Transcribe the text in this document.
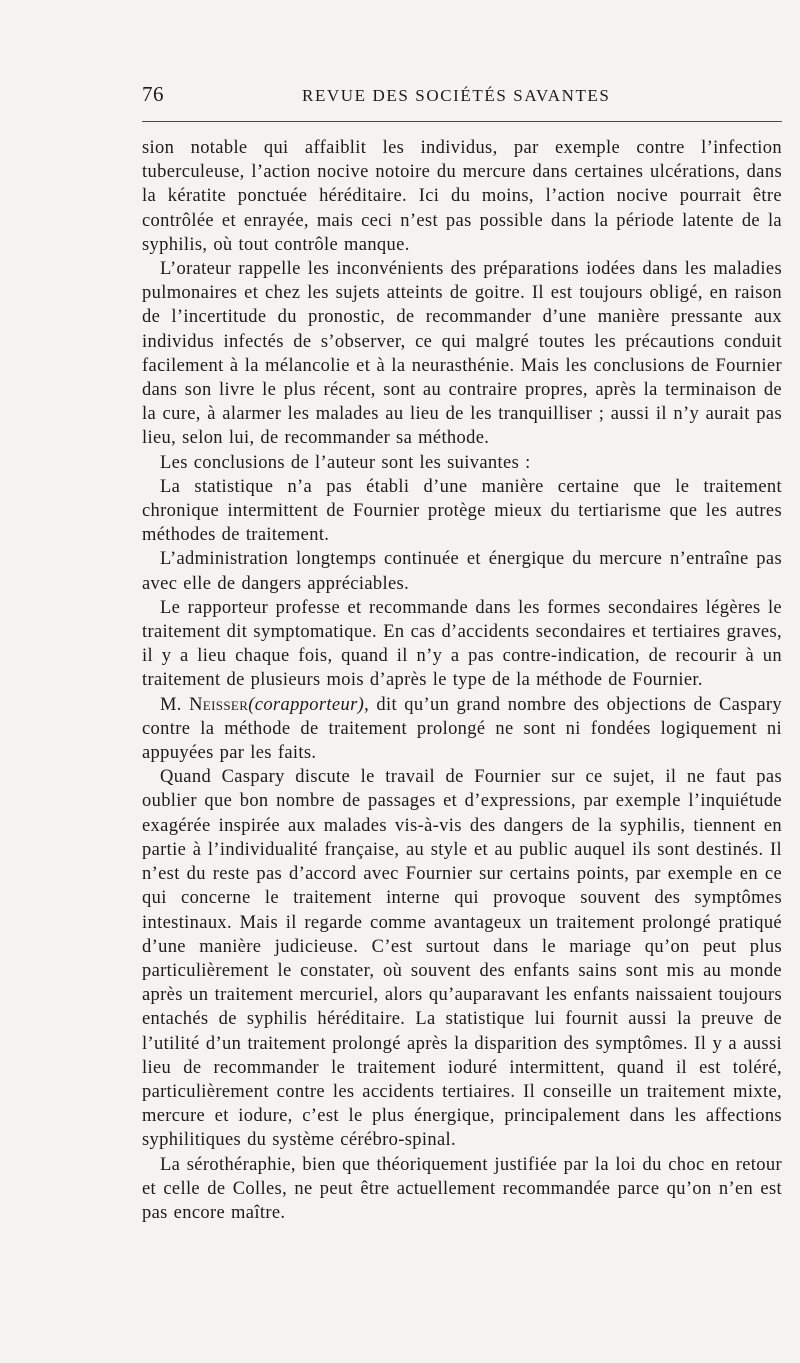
76	REVUE DES SOCIÉTÉS SAVANTES

sion notable qui affaiblit les individus, par exemple contre l’infection tuberculeuse, l’action nocive notoire du mercure dans certaines ulcérations, dans la kératite ponctuée héréditaire. Ici du moins, l’action nocive pourrait être contrôlée et enrayée, mais ceci n’est pas possible dans la période latente de la syphilis, où tout contrôle manque.

L’orateur rappelle les inconvénients des préparations iodées dans les maladies pulmonaires et chez les sujets atteints de goitre. Il est toujours obligé, en raison de l’incertitude du pronostic, de recommander d’une manière pressante aux individus infectés de s’observer, ce qui malgré toutes les précautions conduit facilement à la mélancolie et à la neurasthénie. Mais les conclusions de Fournier dans son livre le plus récent, sont au contraire propres, après la terminaison de la cure, à alarmer les malades au lieu de les tranquilliser ; aussi il n’y aurait pas lieu, selon lui, de recommander sa méthode.

Les conclusions de l’auteur sont les suivantes :

La statistique n’a pas établi d’une manière certaine que le traitement chronique intermittent de Fournier protège mieux du tertiarisme que les autres méthodes de traitement.

L’administration longtemps continuée et énergique du mercure n’entraîne pas avec elle de dangers appréciables.

Le rapporteur professe et recommande dans les formes secondaires légères le traitement dit symptomatique. En cas d’accidents secondaires et tertiaires graves, il y a lieu chaque fois, quand il n’y a pas contre-indication, de recourir à un traitement de plusieurs mois d’après le type de la méthode de Fournier.

M. Neisser(corapporteur), dit qu’un grand nombre des objections de Caspary contre la méthode de traitement prolongé ne sont ni fondées logiquement ni appuyées par les faits.

Quand Caspary discute le travail de Fournier sur ce sujet, il ne faut pas oublier que bon nombre de passages et d’expressions, par exemple l’inquiétude exagérée inspirée aux malades vis-à-vis des dangers de la syphilis, tiennent en partie à l’individualité française, au style et au public auquel ils sont destinés. Il n’est du reste pas d’accord avec Fournier sur certains points, par exemple en ce qui concerne le traitement interne qui provoque souvent des symptômes intestinaux. Mais il regarde comme avantageux un traitement prolongé pratiqué d’une manière judicieuse. C’est surtout dans le mariage qu’on peut plus particulièrement le constater, où souvent des enfants sains sont mis au monde après un traitement mercuriel, alors qu’auparavant les enfants naissaient toujours entachés de syphilis héréditaire. La statistique lui fournit aussi la preuve de l’utilité d’un traitement prolongé après la disparition des symptômes. Il y a aussi lieu de recommander le traitement ioduré intermittent, quand il est toléré, particulièrement contre les accidents tertiaires. Il conseille un traitement mixte, mercure et iodure, c’est le plus énergique, principalement dans les affections syphilitiques du système cérébro-spinal.

La sérothéraphie, bien que théoriquement justifiée par la loi du choc en retour et celle de Colles, ne peut être actuellement recommandée parce qu’on n’en est pas encore maître.
